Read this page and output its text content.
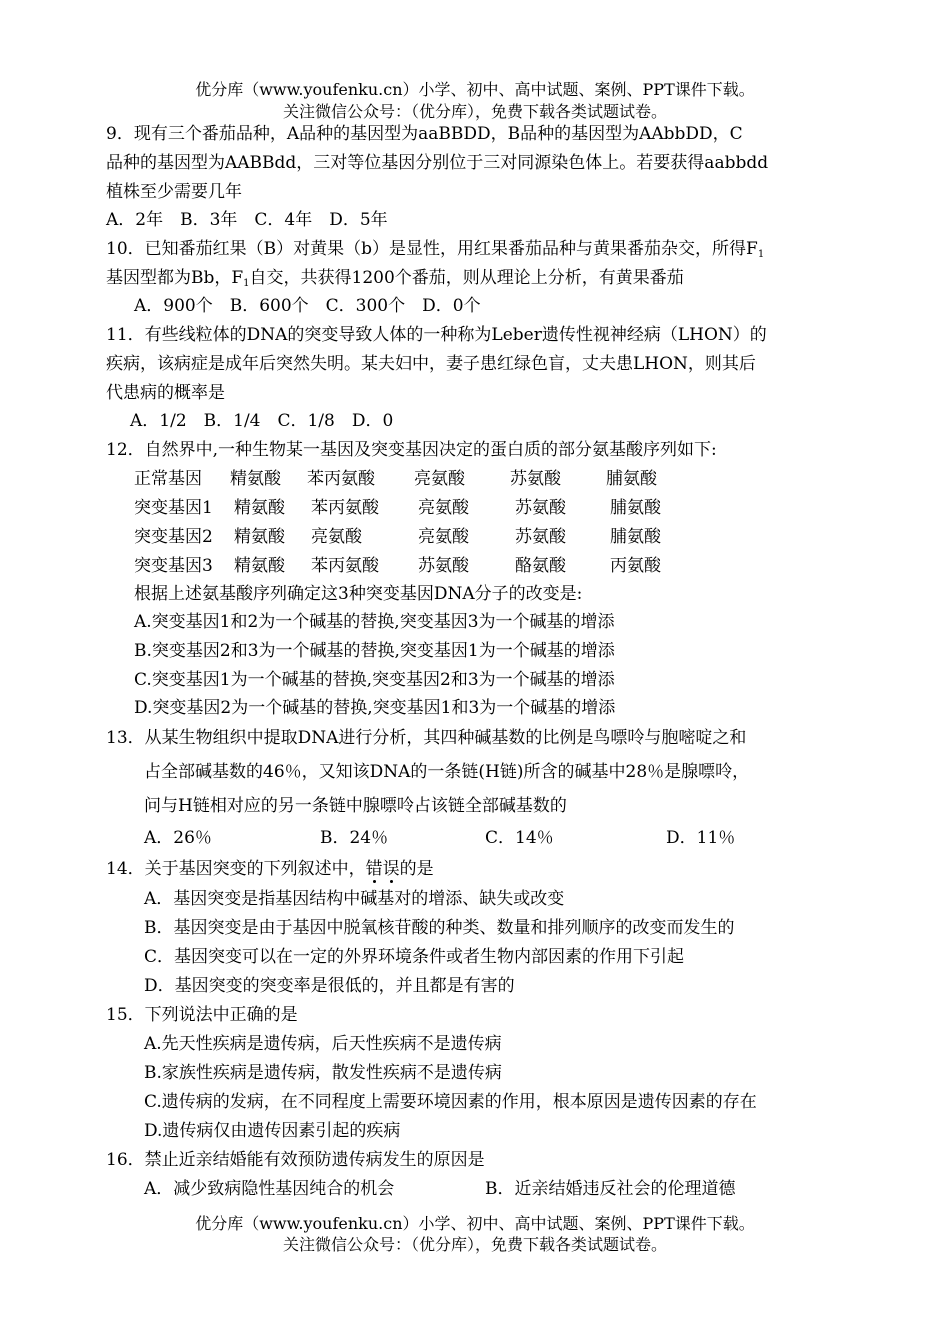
优分库（www.youfenku.cn）小学、初中、高中试题、案例、PPT课件下载。
关注微信公众号：（优分库），免费下载各类试题试卷。
9．现有三个番茄品种，A品种的基因型为aaBBDD，B品种的基因型为AAbbDD，C
品种的基因型为AABBdd，三对等位基因分别位于三对同源染色体上。若要获得aabbdd
植株至少需要几年
A．2年　B．3年　C．4年　D．5年
10．已知番茄红果（B）对黄果（b）是显性，用红果番茄品种与黄果番茄杂交，所得$F_1$
基因型都为Bb，$F_1$自交，共获得1200个番茄，则从理论上分析，有黄果番茄
A．900个　B．600个　C．300个　D．0个
11．有些线粒体的DNA的突变导致人体的一种称为Leber遗传性视神经病（LHON）的
疾病，该病症是成年后突然失明。某夫妇中，妻子患红绿色盲，丈夫患LHON，则其后
代患病的概率是
A．1/2　B．1/4　C．1/8　D．0
12．自然界中,一种生物某一基因及突变基因决定的蛋白质的部分氨基酸序列如下:
正常基因 精氨酸 苯丙氨酸 亮氨酸	苏氨酸	脯氨酸
突变基因1 精氨酸 苯丙氨酸 亮氨酸	苏氨酸	脯氨酸
突变基因2 精氨酸 亮氨酸	亮氨酸	苏氨酸	脯氨酸
突变基因3 精氨酸 苯丙氨酸 苏氨酸	酪氨酸	丙氨酸
根据上述氨基酸序列确定这3种突变基因DNA分子的改变是:
A.突变基因1和2为一个碱基的替换,突变基因3为一个碱基的增添
B.突变基因2和3为一个碱基的替换,突变基因1为一个碱基的增添
C.突变基因1为一个碱基的替换,突变基因2和3为一个碱基的增添
D.突变基因2为一个碱基的替换,突变基因1和3为一个碱基的增添
13．从某生物组织中提取DNA进行分析，其四种碱基数的比例是鸟嘌呤与胞嘧啶之和
占全部碱基数的46％，又知该DNA的一条链(H链)所含的碱基中28％是腺嘌呤，
问与H链相对应的另一条链中腺嘌呤占该链全部碱基数的
A．26％	B．24％	C．14％	D．11％
14．关于基因突变的下列叙述中，错误的是
A．基因突变是指基因结构中碱基对的增添、缺失或改变
B．基因突变是由于基因中脱氧核苷酸的种类、数量和排列顺序的改变而发生的
C．基因突变可以在一定的外界环境条件或者生物内部因素的作用下引起
D．基因突变的突变率是很低的，并且都是有害的
15．下列说法中正确的是
A.先天性疾病是遗传病，后天性疾病不是遗传病
B.家族性疾病是遗传病，散发性疾病不是遗传病
C.遗传病的发病，在不同程度上需要环境因素的作用，根本原因是遗传因素的存在
D.遗传病仅由遗传因素引起的疾病
16．禁止近亲结婚能有效预防遗传病发生的原因是
A．减少致病隐性基因纯合的机会	B．近亲结婚违反社会的伦理道德
优分库（www.youfenku.cn）小学、初中、高中试题、案例、PPT课件下载。
关注微信公众号：（优分库），免费下载各类试题试卷。
